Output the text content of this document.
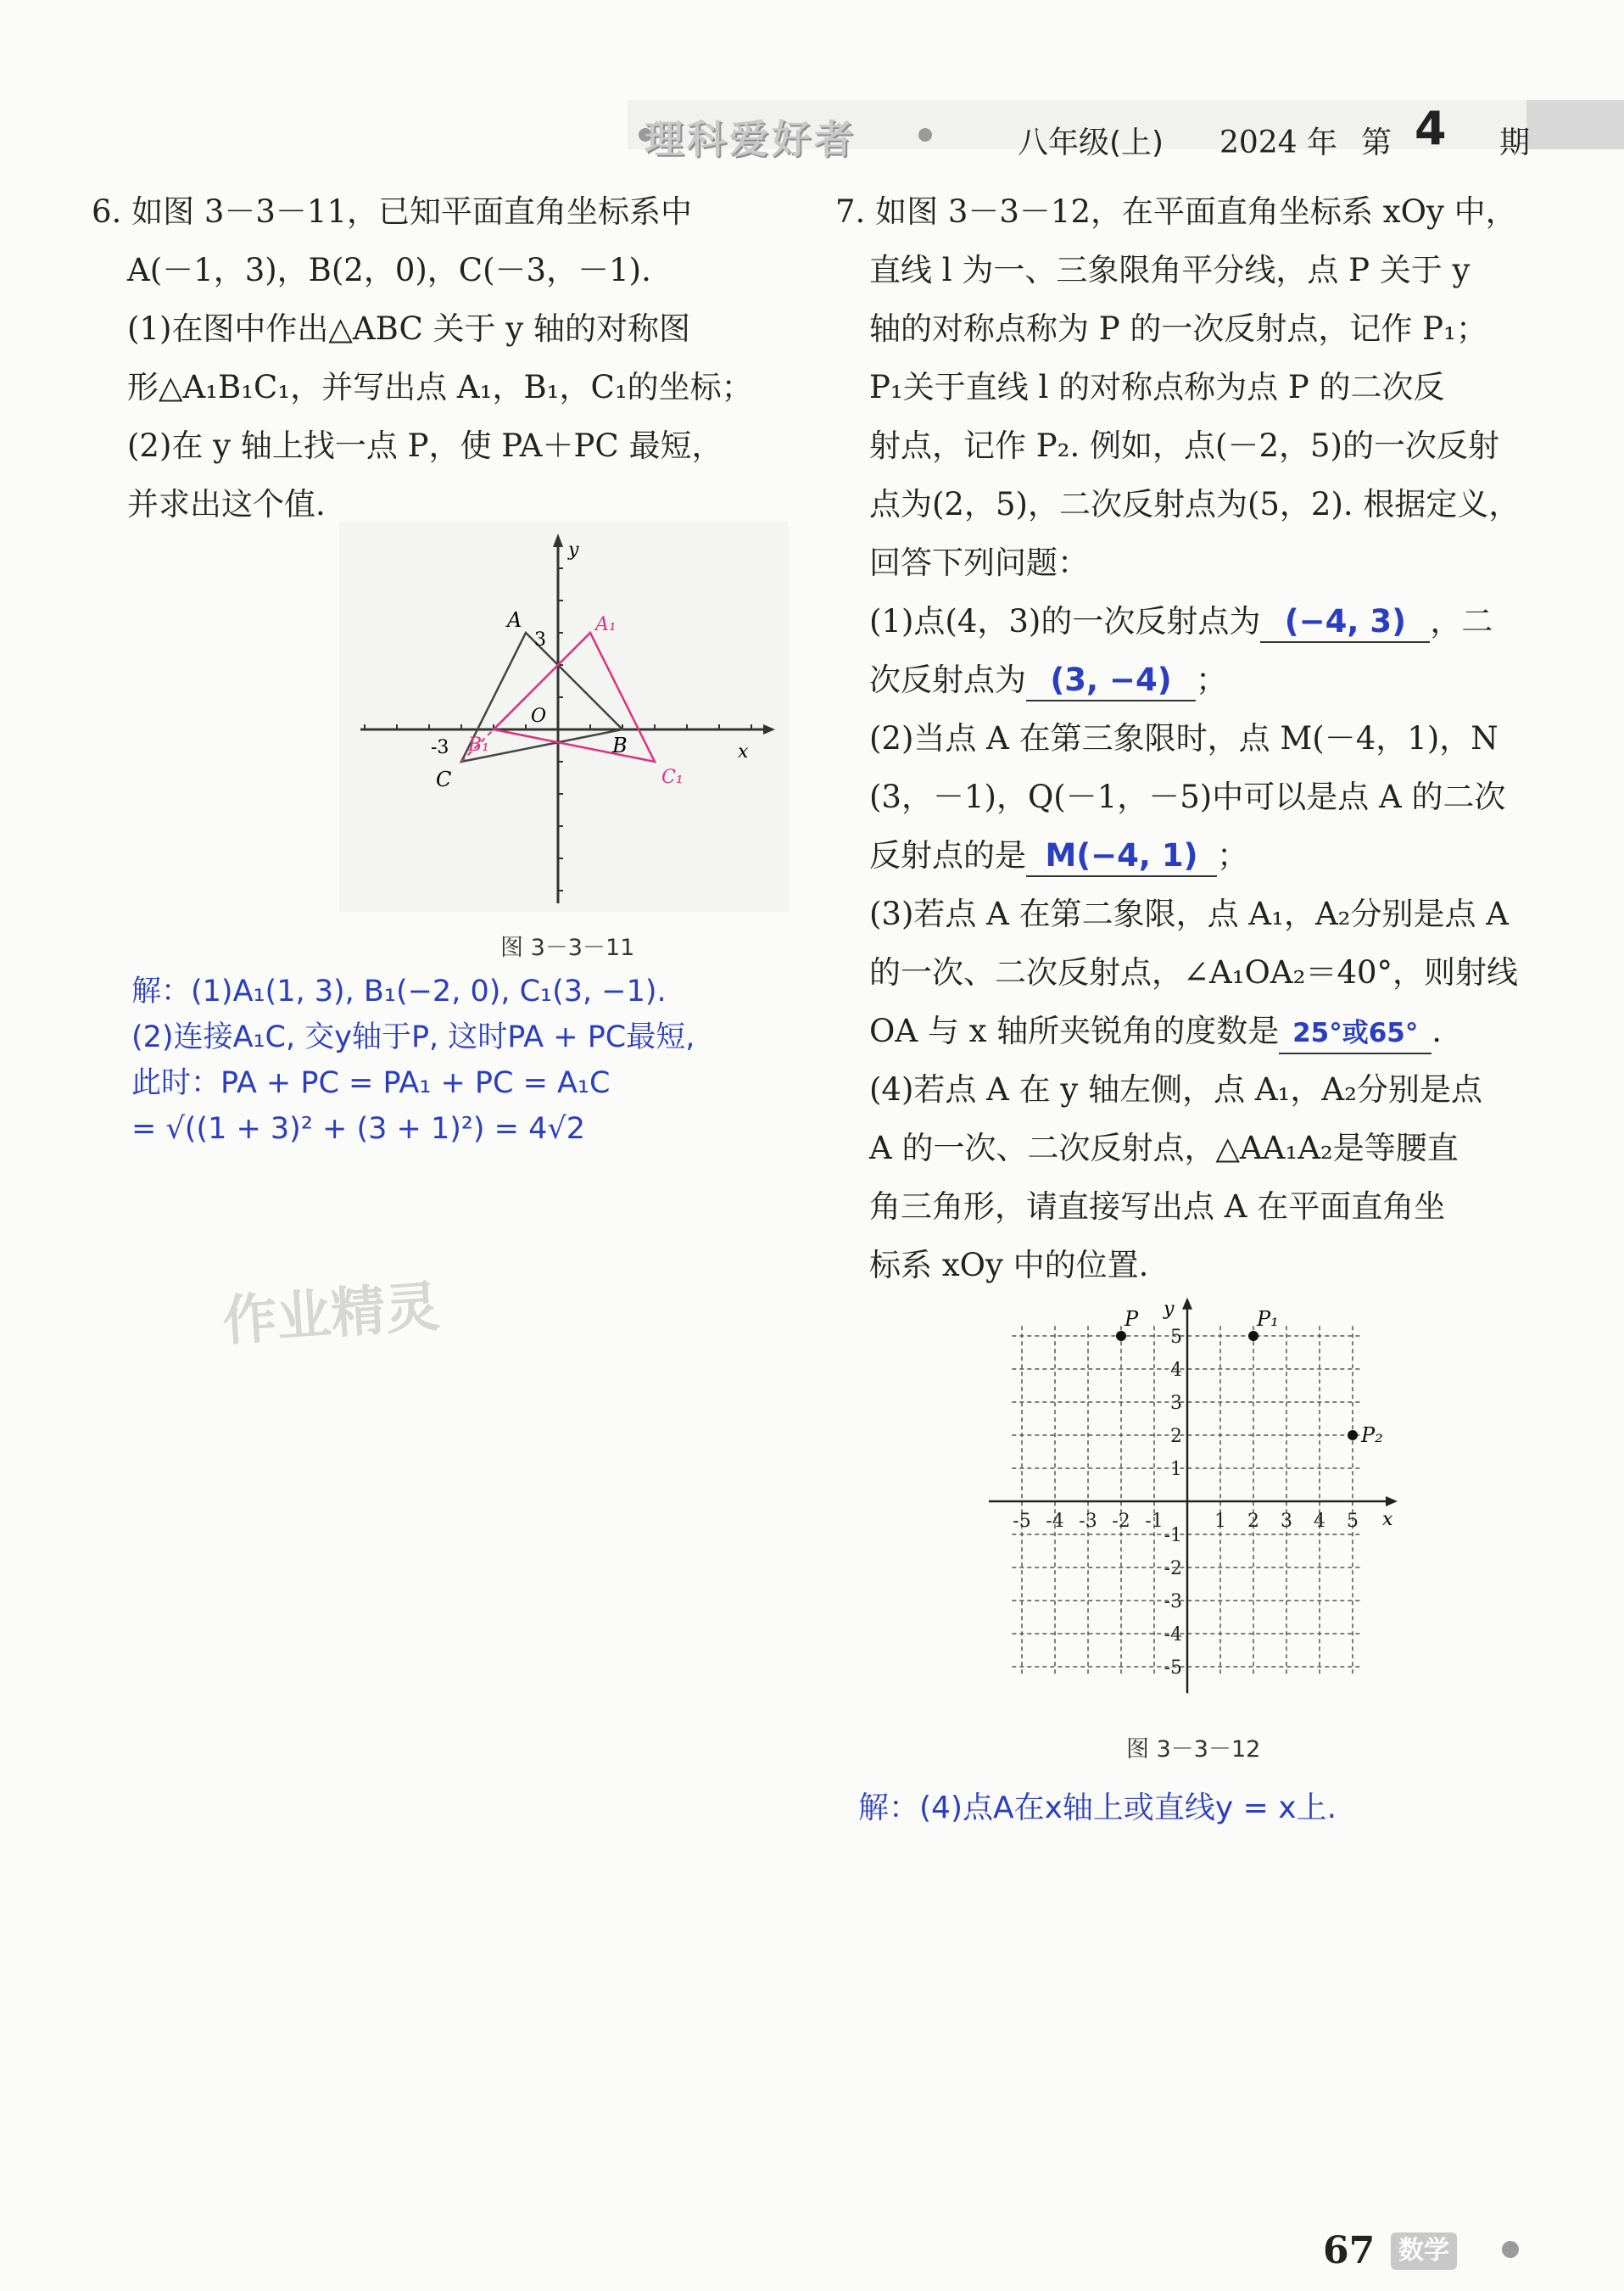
理科爱好者	八年级(上) 2024 年 第 4 期
6. 如图 3－3－11，已知平面直角坐标系中
A(－1，3)，B(2，0)，C(－3，－1).
(1)在图中作出△ABC 关于 y 轴的对称图
形△A₁B₁C₁，并写出点 A₁，B₁，C₁的坐标；
(2)在 y 轴上找一点 P，使 PA＋PC 最短，
并求出这个值.
y
x
3
-3
O
A	A₁
B
B₁
C	C₁
图 3－3－11
解：(1)A₁(1, 3), B₁(−2, 0), C₁(3, −1).
(2)连接A₁C, 交y轴于P, 这时PA + PC最短,
此时：PA + PC = PA₁ + PC = A₁C
= √((1 + 3)² + (3 + 1)²) = 4√2
作业精灵
7. 如图 3－3－12，在平面直角坐标系 xOy 中，
直线 l 为一、三象限角平分线，点 P 关于 y
轴的对称点称为 P 的一次反射点，记作 P₁；
P₁关于直线 l 的对称点称为点 P 的二次反
射点，记作 P₂. 例如，点(－2，5)的一次反射
点为(2，5)，二次反射点为(5，2). 根据定义，
回答下列问题：
(1)点(4，3)的一次反射点为 (−4, 3) ，二
次反射点为 (3, −4) ；
(2)当点 A 在第三象限时，点 M(－4，1)，N
(3，－1)，Q(－1，－5)中可以是点 A 的二次
反射点的是 M(−4, 1) ；
(3)若点 A 在第二象限，点 A₁，A₂分别是点 A
的一次、二次反射点，∠A₁OA₂＝40°，则射线
OA 与 x 轴所夹锐角的度数是 25°或65° .
(4)若点 A 在 y 轴左侧，点 A₁，A₂分别是点
A 的一次、二次反射点，△AA₁A₂是等腰直
角三角形，请直接写出点 A 在平面直角坐
标系 xOy 中的位置.
-5 -4 -3 -2 -1	1 2 3 4 5
5
4
3
2
1
-1
-2
-3
-4
-5
x
y
P	P₁
P₂
图 3－3－12
解：(4)点A在x轴上或直线y = x上.
67 数学
